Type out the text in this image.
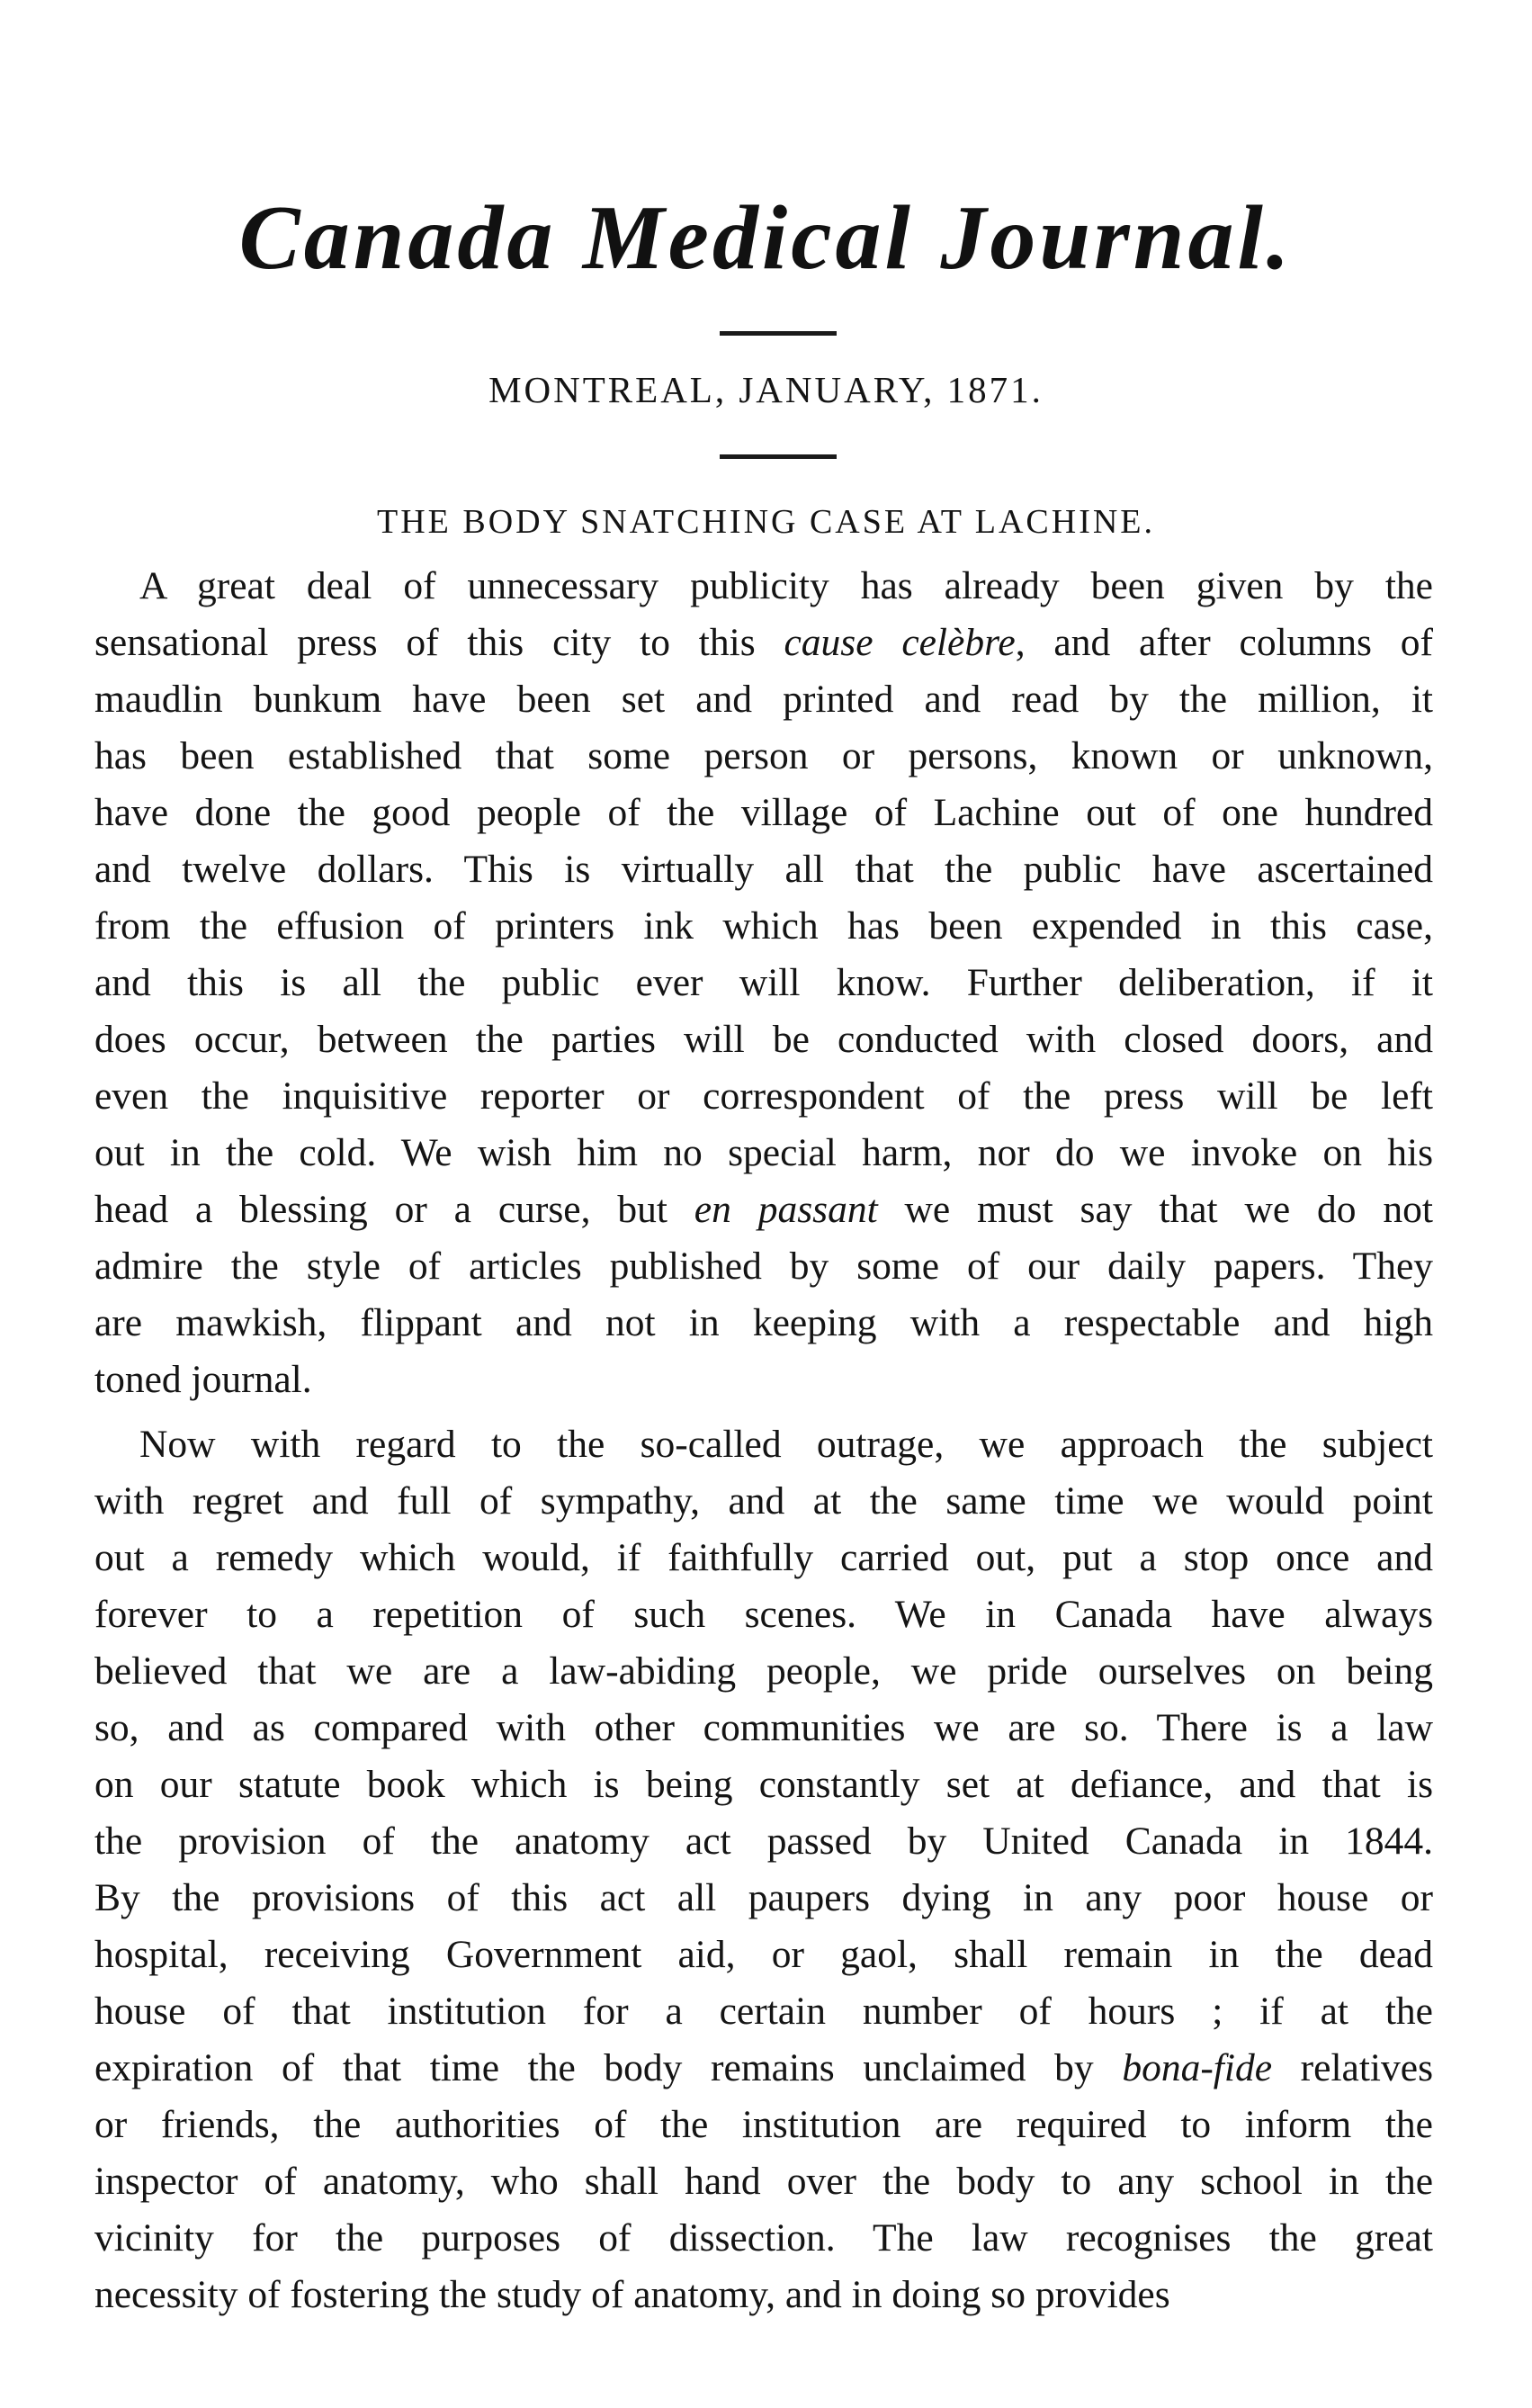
Canada Medical Journal.
MONTREAL, JANUARY, 1871.
THE BODY SNATCHING CASE AT LACHINE.
A great deal of unnecessary publicity has already been given by the
sensational press of this city to this cause celèbre, and after columns of
maudlin bunkum have been set and printed and read by the million, it
has been established that some person or persons, known or unknown,
have done the good people of the village of Lachine out of one hundred
and twelve dollars. This is virtually all that the public have ascertained
from the effusion of printers ink which has been expended in this case,
and this is all the public ever will know. Further deliberation, if it
does occur, between the parties will be conducted with closed doors, and
even the inquisitive reporter or correspondent of the press will be left
out in the cold. We wish him no special harm, nor do we invoke on his
head a blessing or a curse, but en passant we must say that we do not
admire the style of articles published by some of our daily papers. They
are mawkish, flippant and not in keeping with a respectable and high
toned journal.
Now with regard to the so-called outrage, we approach the subject
with regret and full of sympathy, and at the same time we would point
out a remedy which would, if faithfully carried out, put a stop once and
forever to a repetition of such scenes. We in Canada have always
believed that we are a law-abiding people, we pride ourselves on being
so, and as compared with other communities we are so. There is a law
on our statute book which is being constantly set at defiance, and that is
the provision of the anatomy act passed by United Canada in 1844.
By the provisions of this act all paupers dying in any poor house or
hospital, receiving Government aid, or gaol, shall remain in the dead
house of that institution for a certain number of hours ; if at the
expiration of that time the body remains unclaimed by bona-fide relatives
or friends, the authorities of the institution are required to inform the
inspector of anatomy, who shall hand over the body to any school in the
vicinity for the purposes of dissection. The law recognises the great
necessity of fostering the study of anatomy, and in doing so provides
